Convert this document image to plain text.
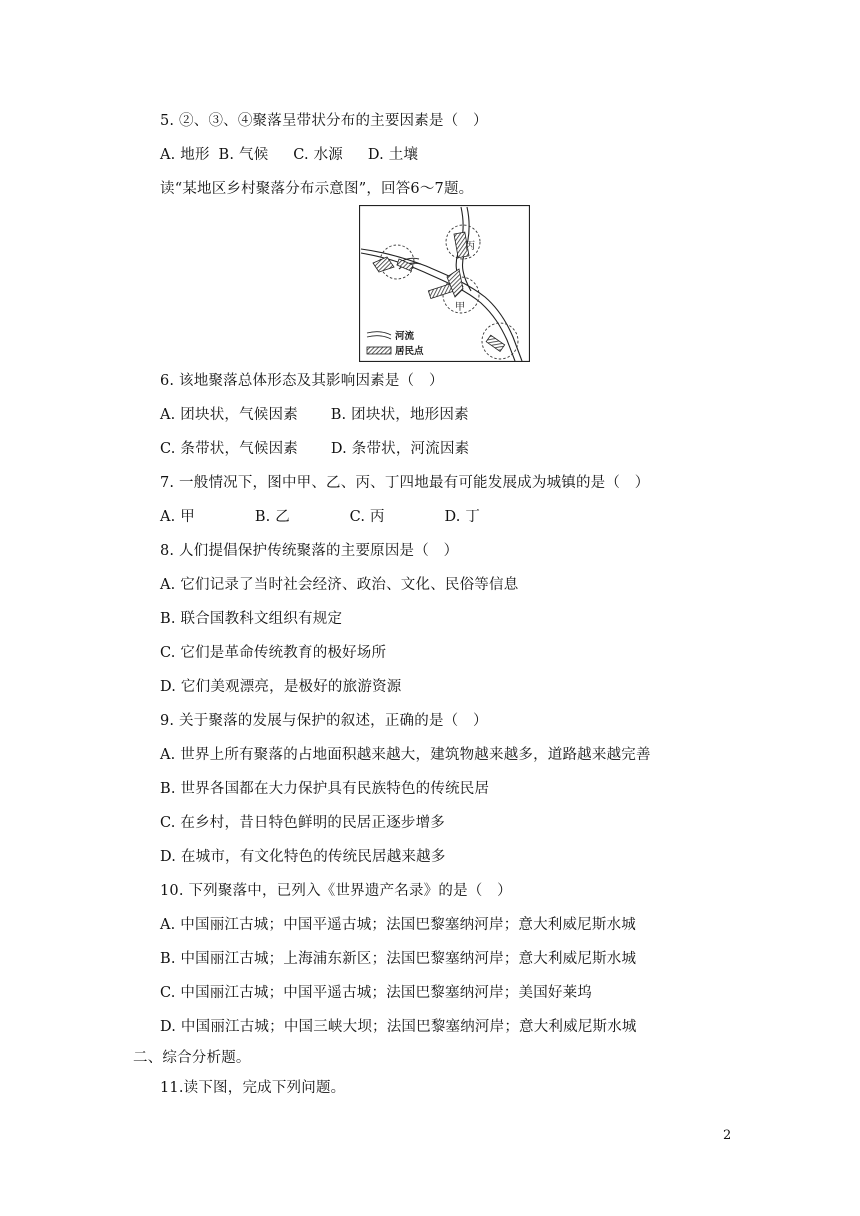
5. ②、③、④聚落呈带状分布的主要因素是（　）
A. 地形 B. 气候 C. 水源 D. 土壤
读“某地区乡村聚落分布示意图”，回答6～7题。
丙
甲
河流
居民点
6. 该地聚落总体形态及其影响因素是（　）
A. 团块状，气候因素 B. 团块状，地形因素
C. 条带状，气候因素 D. 条带状，河流因素
7. 一般情况下，图中甲、乙、丙、丁四地最有可能发展成为城镇的是（　）
A. 甲	B. 乙	C. 丙	D. 丁
8. 人们提倡保护传统聚落的主要原因是（　）
A. 它们记录了当时社会经济、政治、文化、民俗等信息
B. 联合国教科文组织有规定
C. 它们是革命传统教育的极好场所
D. 它们美观漂亮，是极好的旅游资源
9. 关于聚落的发展与保护的叙述，正确的是（　）
A. 世界上所有聚落的占地面积越来越大，建筑物越来越多，道路越来越完善
B. 世界各国都在大力保护具有民族特色的传统民居
C. 在乡村，昔日特色鲜明的民居正逐步增多
D. 在城市，有文化特色的传统民居越来越多
10. 下列聚落中，已列入《世界遗产名录》的是（　）
A. 中国丽江古城；中国平遥古城；法国巴黎塞纳河岸；意大利威尼斯水城
B. 中国丽江古城；上海浦东新区；法国巴黎塞纳河岸；意大利威尼斯水城
C. 中国丽江古城；中国平遥古城；法国巴黎塞纳河岸；美国好莱坞
D. 中国丽江古城；中国三峡大坝；法国巴黎塞纳河岸；意大利威尼斯水城
二、综合分析题。
11.读下图，完成下列问题。
2
